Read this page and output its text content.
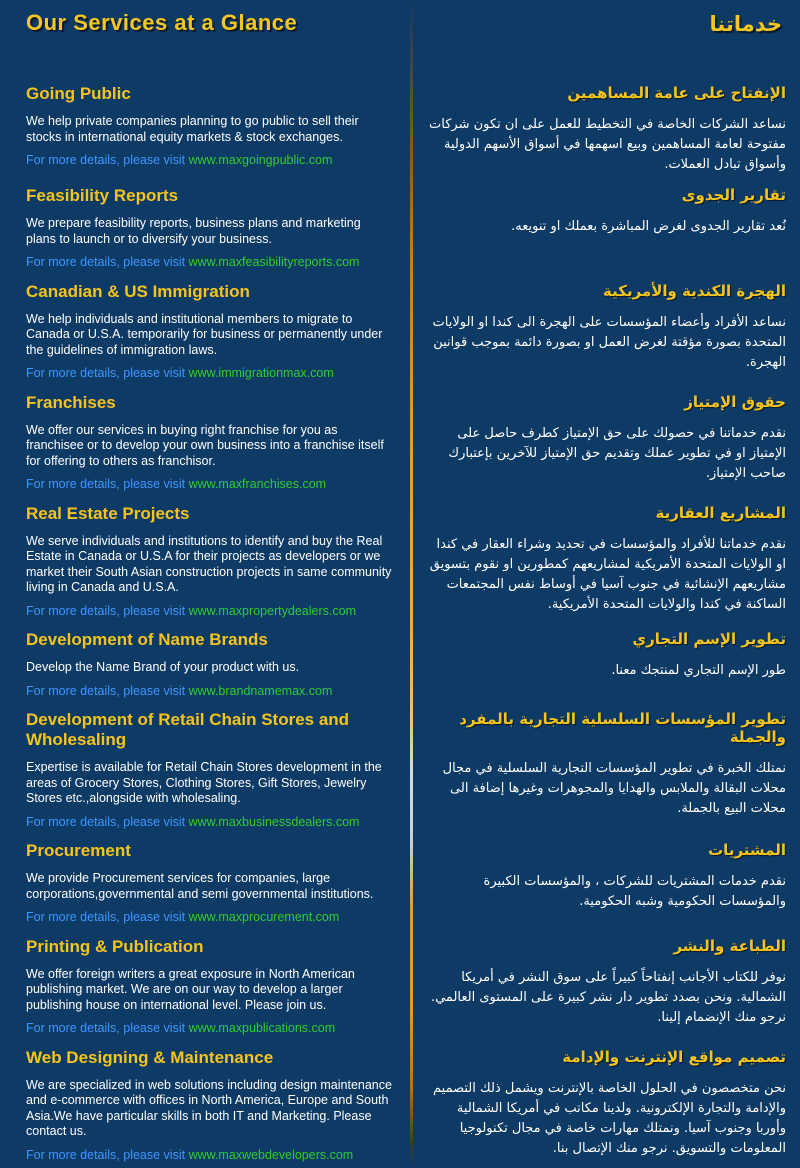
Our Services at a Glance	خدماتنا
Going Public

We help private companies planning to go public to sell their stocks in international equity markets & stock exchanges.

For more details, please visit www.maxgoingpublic.com

الإنفتاح على عامة المساهمين

نساعد الشركات الخاصة في التخطيط للعمل على ان تكون شركات مفتوحة لعامة المساهمين وبيع اسهمها في أسواق الأسهم الدولية وأسواق تبادل العملات.

Feasibility Reports

We prepare feasibility reports, business plans and marketing plans to launch or to diversify your business.

For more details, please visit www.maxfeasibilityreports.com

تقارير الجدوى

نُعد تقارير الجدوى لغرض المباشرة بعملك او تنويعه.

Canadian & US Immigration

We help individuals and institutional members to migrate to Canada or U.S.A. temporarily for business or permanently under the guidelines of immigration laws.

For more details, please visit www.immigrationmax.com

الهجرة الكندية والأمريكية

نساعد الأفراد وأعضاء المؤسسات على الهجرة الى كندا او الولايات المتحدة بصورة مؤقتة لغرض العمل او بصورة دائمة بموجب قوانين الهجرة.

Franchises

We offer our services in buying right franchise for you as franchisee or to develop your own business into a franchise itself for offering to others as franchisor.

For more details, please visit www.maxfranchises.com

حقوق الإمتياز

نقدم خدماتنا في حصولك على حق الإمتياز كطرف حاصل على الإمتياز او في تطوير عملك وتقديم حق الإمتياز للآخرين بإعتبارك صاحب الإمتياز.

Real Estate Projects

We serve individuals and institutions to identify and buy the Real Estate in Canada or U.S.A for their projects as developers or we market their South Asian construction projects in same community living in Canada and U.S.A.

For more details, please visit www.maxpropertydealers.com

المشاريع العقارية

نقدم خدماتنا للأفراد والمؤسسات في تحديد وشراء العقار في كندا او الولايات المتحدة الأمريكية لمشاريعهم كمطورين او نقوم بتسويق مشاريعهم الإنشائية في جنوب آسيا في أوساط نفس المجتمعات الساكنة في كندا والولايات المتحدة الأمريكية.

Development of Name Brands

Develop the Name Brand of your product with us.

For more details, please visit www.brandnamemax.com

تطوير الإسم التجاري

طور الإسم التجاري لمنتجك معنا.

Development of Retail Chain Stores and Wholesaling

Expertise is available for Retail Chain Stores development in the areas of Grocery Stores, Clothing Stores, Gift Stores, Jewelry Stores etc.,alongside with wholesaling.

For more details, please visit www.maxbusinessdealers.com

تطوير المؤسسات السلسلية التجارية بالمفرد والجملة

نمتلك الخبرة في تطوير المؤسسات التجارية السلسلية في مجال محلات البقالة والملابس والهدايا والمجوهرات وغيرها إضافة الى محلات البيع بالجملة.

Procurement

We provide Procurement services for companies, large corporations,governmental and semi governmental institutions.

For more details, please visit www.maxprocurement.com

المشتريات

نقدم خدمات المشتريات للشركات ، والمؤسسات الكبيرة والمؤسسات الحكومية وشبه الحكومية.

Printing & Publication

We offer foreign writers a great exposure in North American publishing market. We are on our way to develop a larger publishing house on international level. Please join us.

For more details, please visit www.maxpublications.com

الطباعة والنشر

نوفر للكتاب الأجانب إنفتاحاً كبيراً على سوق النشر في أمريكا الشمالية. ونحن بصدد تطوير دار نشر كبيرة على المستوى العالمي. نرجو منك الإنضمام إلينا.

Web Designing & Maintenance

We are specialized in web solutions including design maintenance and e-commerce with offices in North America, Europe and South Asia.We have particular skills in both IT and Marketing. Please contact us.

For more details, please visit www.maxwebdevelopers.com

تصميم مواقع الإنترنت والإدامة

نحن متخصصون في الحلول الخاصة بالإنترنت ويشمل ذلك التصميم والإدامة والتجارة الإلكترونية. ولدينا مكاتب في أمريكا الشمالية وأوربا وجنوب آسيا. ونمتلك مهارات خاصة في مجال تكنولوجيا المعلومات والتسويق. نرجو منك الإتصال بنا.
